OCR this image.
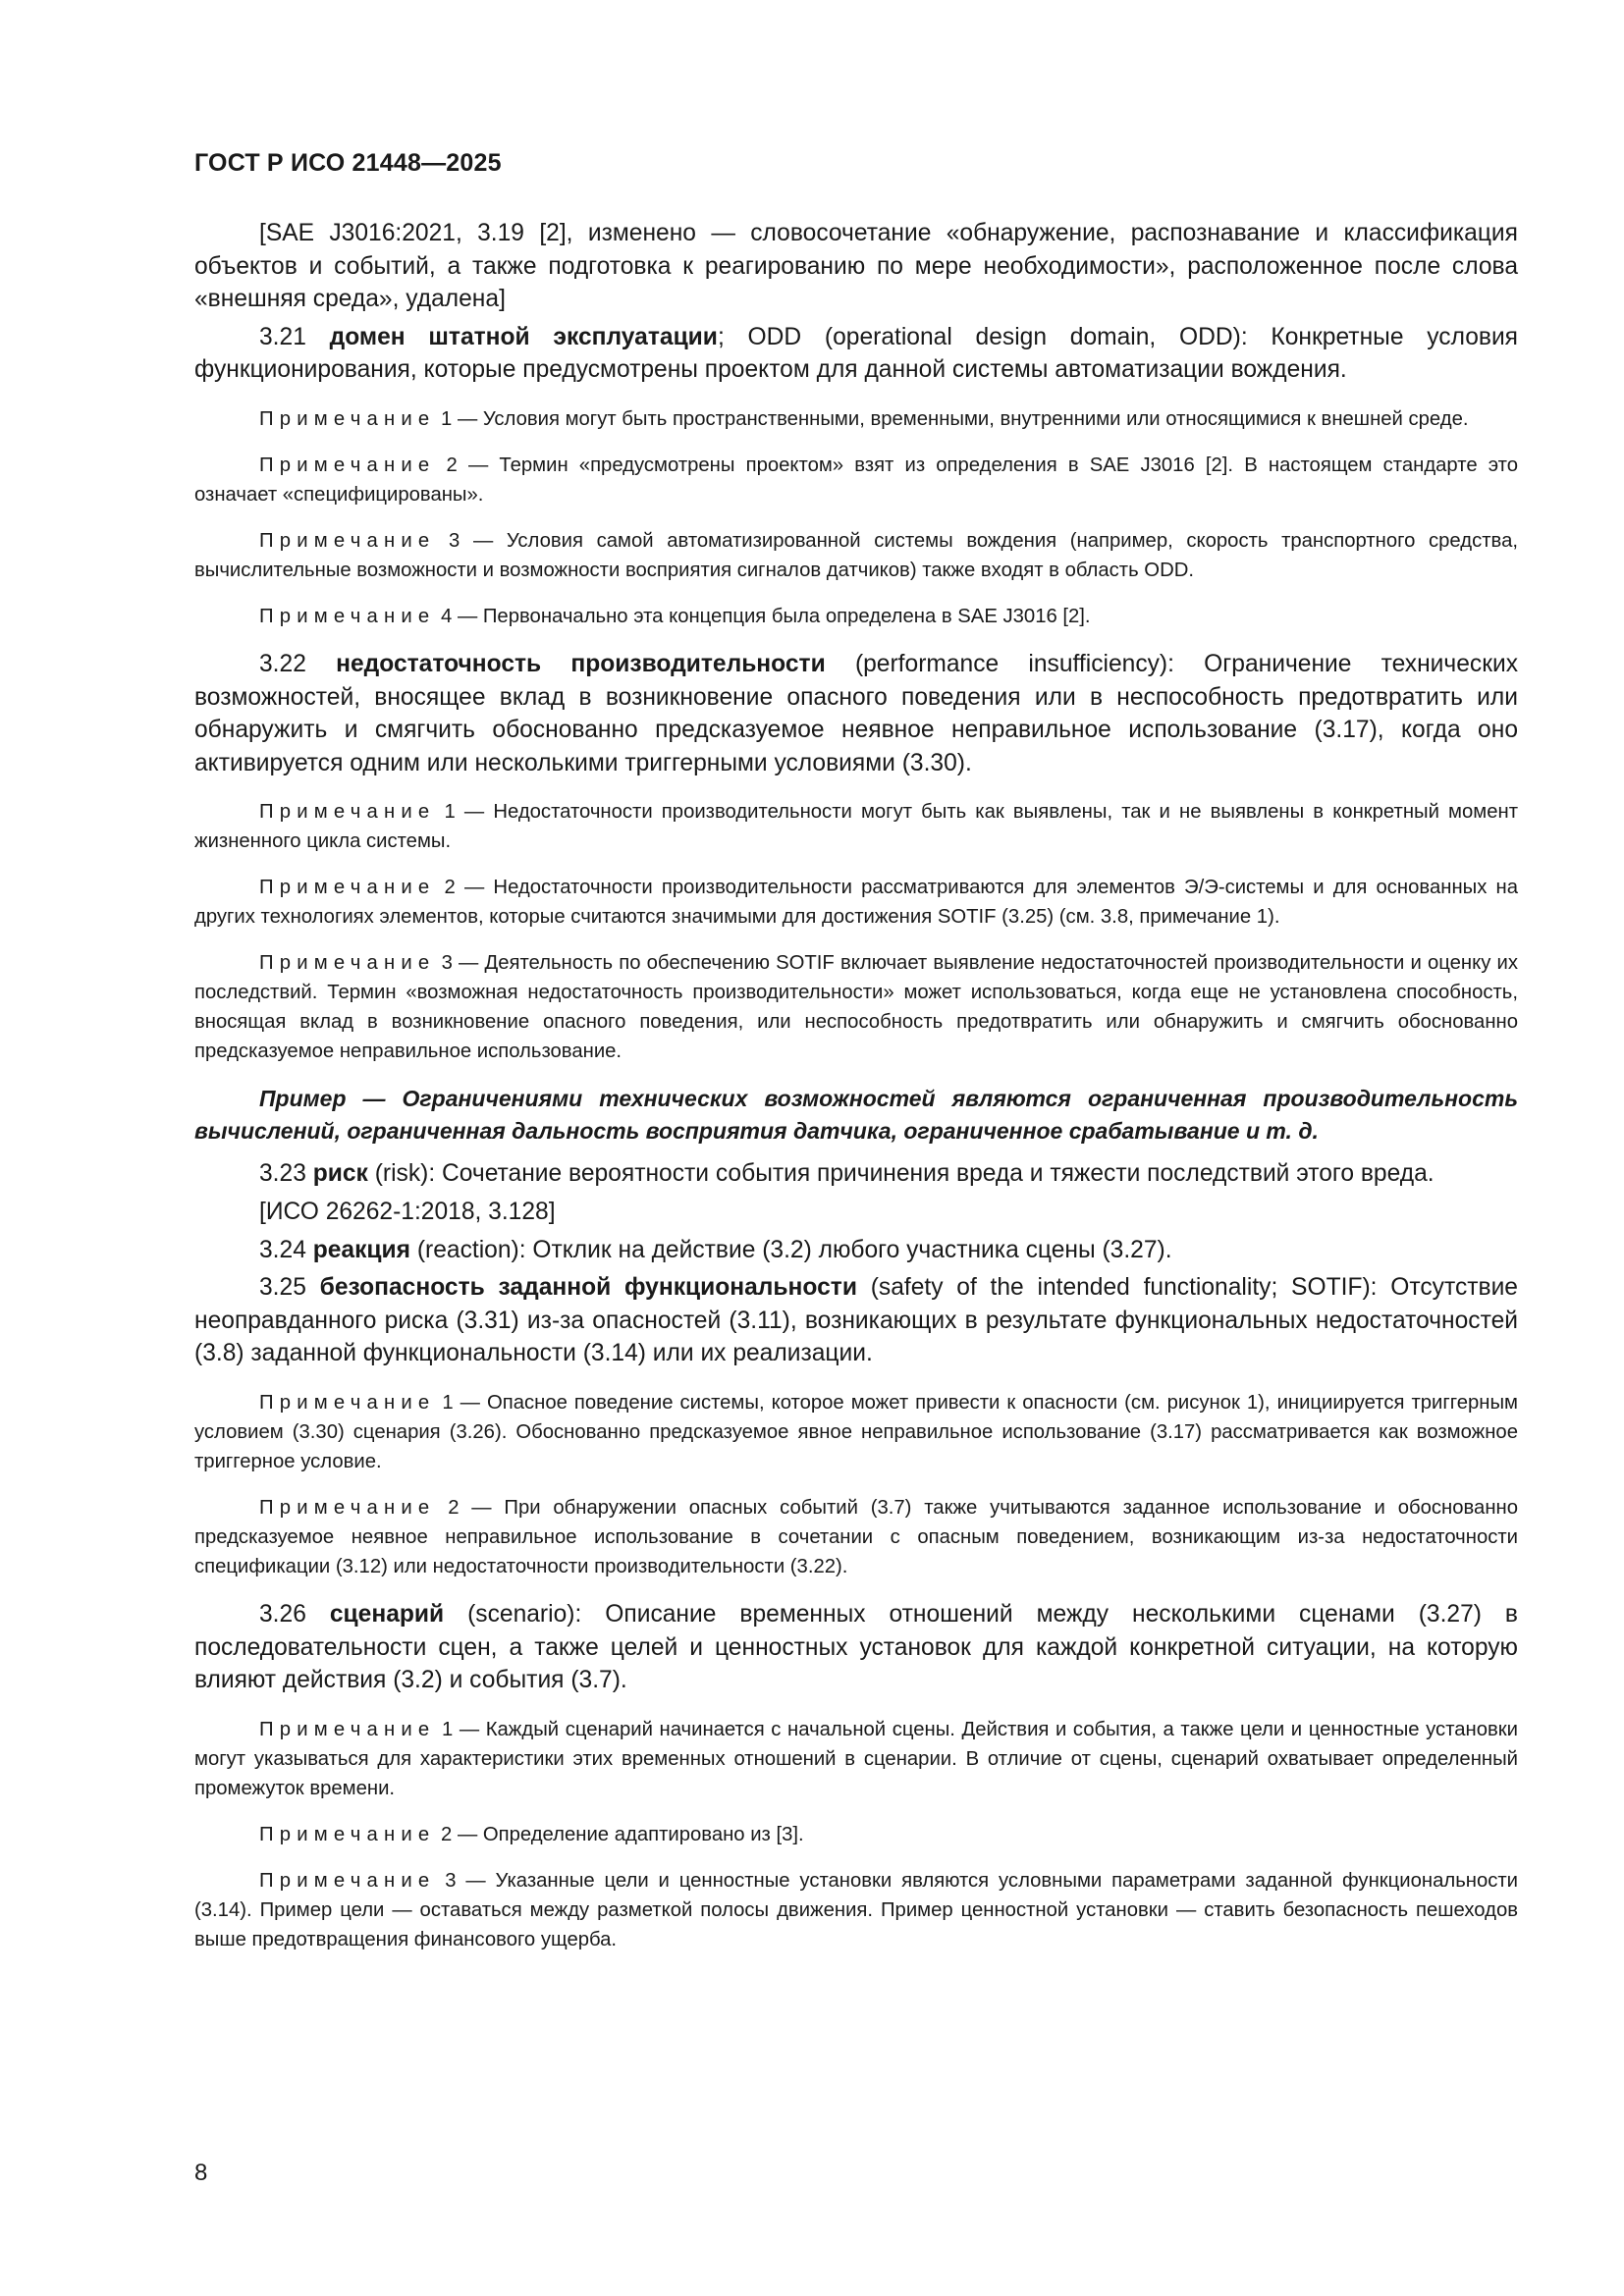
ГОСТ Р ИСО 21448—2025

[SAE J3016:2021, 3.19 [2], изменено — словосочетание «обнаружение, распознавание и классификация объектов и событий, а также подготовка к реагированию по мере необходимости», расположенное после слова «внешняя среда», удалена]

3.21 домен штатной эксплуатации; ODD (operational design domain, ODD): Конкретные условия функционирования, которые предусмотрены проектом для данной системы автоматизации вождения.

Примечание 1 — Условия могут быть пространственными, временными, внутренними или относящимися к внешней среде.

Примечание 2 — Термин «предусмотрены проектом» взят из определения в SAE J3016 [2]. В настоящем стандарте это означает «специфицированы».

Примечание 3 — Условия самой автоматизированной системы вождения (например, скорость транспортного средства, вычислительные возможности и возможности восприятия сигналов датчиков) также входят в область ODD.

Примечание 4 — Первоначально эта концепция была определена в SAE J3016 [2].

3.22 недостаточность производительности (performance insufficiency): Ограничение технических возможностей, вносящее вклад в возникновение опасного поведения или в неспособность предотвратить или обнаружить и смягчить обоснованно предсказуемое неявное неправильное использование (3.17), когда оно активируется одним или несколькими триггерными условиями (3.30).

Примечание 1 — Недостаточности производительности могут быть как выявлены, так и не выявлены в конкретный момент жизненного цикла системы.

Примечание 2 — Недостаточности производительности рассматриваются для элементов Э/Э-системы и для основанных на других технологиях элементов, которые считаются значимыми для достижения SOTIF (3.25) (см. 3.8, примечание 1).

Примечание 3 — Деятельность по обеспечению SOTIF включает выявление недостаточностей производительности и оценку их последствий. Термин «возможная недостаточность производительности» может использоваться, когда еще не установлена способность, вносящая вклад в возникновение опасного поведения, или неспособность предотвратить или обнаружить и смягчить обоснованно предсказуемое неправильное использование.

Пример — Ограничениями технических возможностей являются ограниченная производительность вычислений, ограниченная дальность восприятия датчика, ограниченное срабатывание и т. д.

3.23 риск (risk): Сочетание вероятности события причинения вреда и тяжести последствий этого вреда.

[ИСО 26262-1:2018, 3.128]

3.24 реакция (reaction): Отклик на действие (3.2) любого участника сцены (3.27).

3.25 безопасность заданной функциональности (safety of the intended functionality; SOTIF): Отсутствие неоправданного риска (3.31) из-за опасностей (3.11), возникающих в результате функциональных недостаточностей (3.8) заданной функциональности (3.14) или их реализации.

Примечание 1 — Опасное поведение системы, которое может привести к опасности (см. рисунок 1), инициируется триггерным условием (3.30) сценария (3.26). Обоснованно предсказуемое явное неправильное использование (3.17) рассматривается как возможное триггерное условие.

Примечание 2 — При обнаружении опасных событий (3.7) также учитываются заданное использование и обоснованно предсказуемое неявное неправильное использование в сочетании с опасным поведением, возникающим из-за недостаточности спецификации (3.12) или недостаточности производительности (3.22).

3.26 сценарий (scenario): Описание временных отношений между несколькими сценами (3.27) в последовательности сцен, а также целей и ценностных установок для каждой конкретной ситуации, на которую влияют действия (3.2) и события (3.7).

Примечание 1 — Каждый сценарий начинается с начальной сцены. Действия и события, а также цели и ценностные установки могут указываться для характеристики этих временных отношений в сценарии. В отличие от сцены, сценарий охватывает определенный промежуток времени.

Примечание 2 — Определение адаптировано из [3].

Примечание 3 — Указанные цели и ценностные установки являются условными параметрами заданной функциональности (3.14). Пример цели — оставаться между разметкой полосы движения. Пример ценностной установки — ставить безопасность пешеходов выше предотвращения финансового ущерба.

8
